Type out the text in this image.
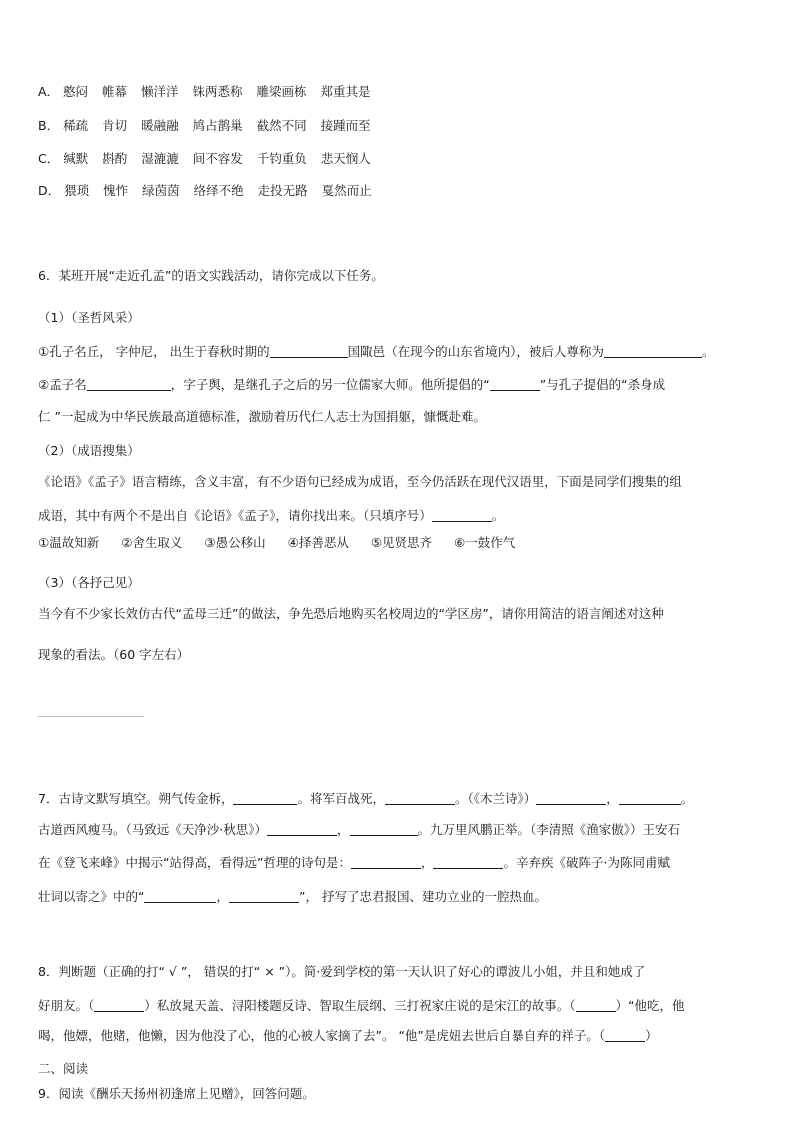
A． 憨闷 帷幕 懒洋洋 铢两悉称 雕梁画栋 郑重其是
B． 稀疏 肯切 暖融融 鸠占鹊巢 截然不同 接踵而至
C． 缄默 斟酌 湿漉漉 间不容发 千钧重负 悲天悯人
D． 猥琐 愧怍 绿茵茵 络绎不绝 走投无路 戛然而止
6．某班开展“走近孔孟”的语文实践活动，请你完成以下任务。
（1）（圣哲风采）
①孔子名丘， 字仲尼， 出生于春秋时期的	国陬邑（在现今的山东省境内），被后人尊称为	。
②孟子名	，字子舆，是继孔子之后的另一位儒家大师。他所提倡的“	”与孔子提倡的“杀身成
仁 ”一起成为中华民族最高道德标准，激励着历代仁人志士为国捐躯，慷慨赴难。
（2）（成语搜集）
《论语》《孟子》语言精练，含义丰富，有不少语句已经成为成语，至今仍活跃在现代汉语里，下面是同学们搜集的组
成语，其中有两个不是出自《论语》《孟子》，请你找出来。（只填序号）	。
①温故知新 ②舍生取义 ③愚公移山 ④择善恶从 ⑤见贤思齐 ⑥一鼓作气
（3）（各抒己见）
当今有不少家长效仿古代“孟母三迁”的做法，争先恐后地购买名校周边的“学区房”，请你用简洁的语言阐述对这种
现象的看法。（60 字左右）
7．古诗文默写填空。朔气传金柝，	。将军百战死，	。（《木兰诗》）	，	。
古道西风瘦马。（马致远《天净沙·秋思》）	，	。九万里风鹏正举。（李清照《渔家傲》）王安石
在《登飞来峰》中揭示“站得高，看得远”哲理的诗句是：	，	。辛弃疾《破阵子·为陈同甫赋
壮词以寄之》中的“	，	”， 抒写了忠君报国、建功立业的一腔热血。
8．判断题（正确的打“ √ ”， 错误的打“ × ”）。简·爱到学校的第一天认识了好心的谭波儿小姐，并且和她成了
好朋友。（	）私放晁天盖、浔阳楼题反诗、智取生辰纲、三打祝家庄说的是宋江的故事。（	）“他吃，他
喝，他嫖，他赌，他懒，因为他没了心，他的心被人家摘了去”。 “他”是虎妞去世后自暴自弃的祥子。（	）
二、阅读
9．阅读《酬乐天扬州初逢席上见赠》，回答问题。
